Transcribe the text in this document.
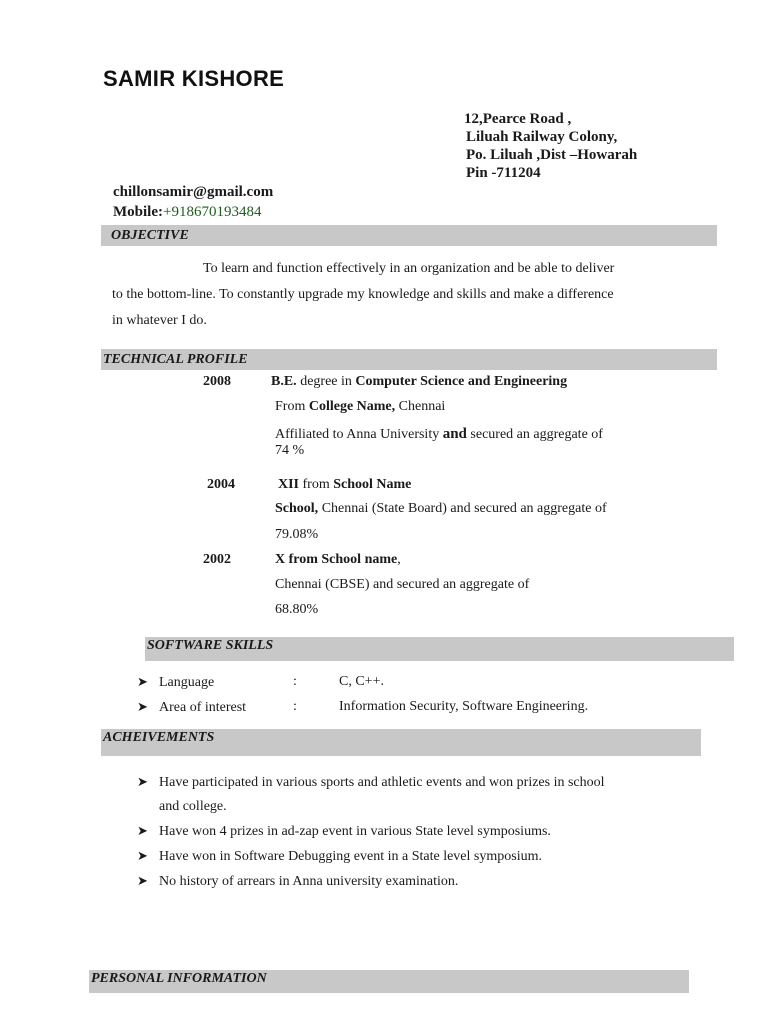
SAMIR KISHORE
12,Pearce Road ,
Liluah Railway Colony,
Po. Liluah ,Dist –Howarah
Pin -711204
chillonsamir@gmail.com
Mobile:+918670193484
OBJECTIVE
To learn and function effectively in an organization and be able to deliver
to the bottom-line. To constantly upgrade my knowledge and skills and make a difference
in whatever I do.
TECHNICAL PROFILE
2008	B.E. degree in Computer Science and Engineering
From College Name, Chennai
Affiliated to Anna University and secured an aggregate of
74 %
2004	XII from School Name
School, Chennai (State Board) and secured an aggregate of
79.08%
2002	X from School name,
Chennai (CBSE) and secured an aggregate of
68.80%
SOFTWARE SKILLS
➤ Language	:	C, C++.
➤ Area of interest	:	Information Security, Software Engineering.
ACHEIVEMENTS
➤ Have participated in various sports and athletic events and won prizes in school
and college.
➤ Have won 4 prizes in ad-zap event in various State level symposiums.
➤ Have won in Software Debugging event in a State level symposium.
➤ No history of arrears in Anna university examination.
PERSONAL INFORMATION
